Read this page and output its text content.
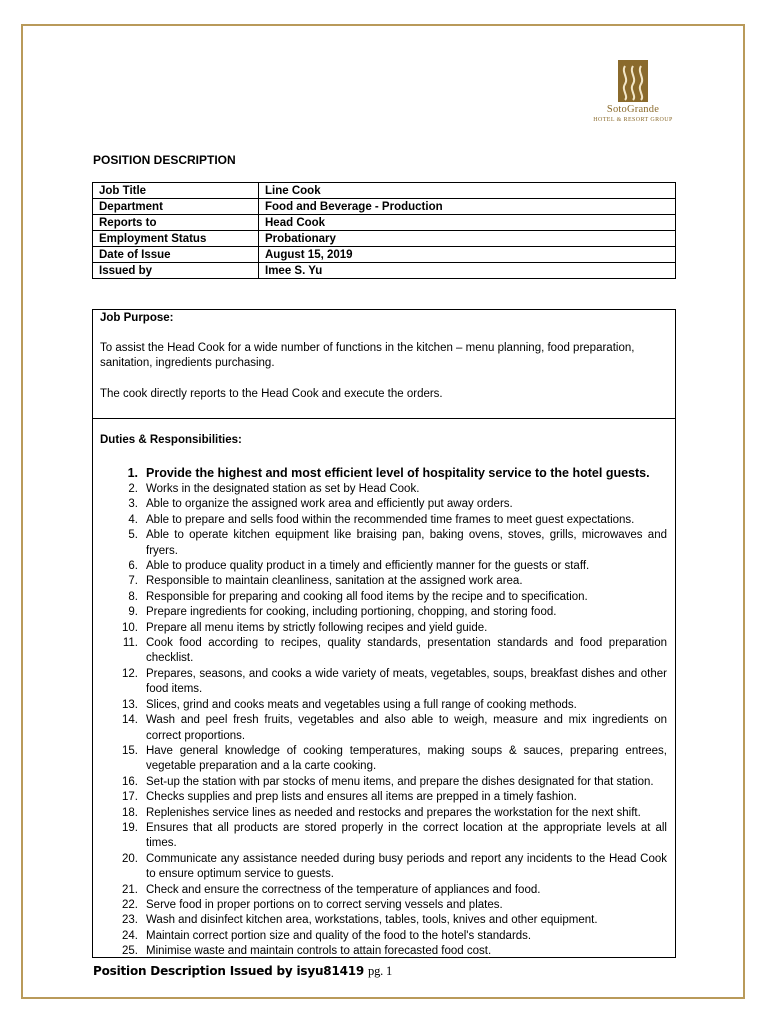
SotoGrande
HOTEL & RESORT GROUP
POSITION DESCRIPTION
Job Title	Line Cook
Department	Food and Beverage - Production
Reports to	Head Cook
Employment Status	Probationary
Date of Issue	August 15, 2019
Issued by	Imee S. Yu
Job Purpose:
To assist the Head Cook for a wide number of functions in the kitchen – menu planning, food preparation, sanitation, ingredients purchasing.
The cook directly reports to the Head Cook and execute the orders.
Duties & Responsibilities:
1. Provide the highest and most efficient level of hospitality service to the hotel guests.
2. Works in the designated station as set by Head Cook.
3. Able to organize the assigned work area and efficiently put away orders.
4. Able to prepare and sells food within the recommended time frames to meet guest expectations.
5. Able to operate kitchen equipment like braising pan, baking ovens, stoves, grills, microwaves and fryers.
6. Able to produce quality product in a timely and efficiently manner for the guests or staff.
7. Responsible to maintain cleanliness, sanitation at the assigned work area.
8. Responsible for preparing and cooking all food items by the recipe and to specification.
9. Prepare ingredients for cooking, including portioning, chopping, and storing food.
10. Prepare all menu items by strictly following recipes and yield guide.
11. Cook food according to recipes, quality standards, presentation standards and food preparation checklist.
12. Prepares, seasons, and cooks a wide variety of meats, vegetables, soups, breakfast dishes and other food items.
13. Slices, grind and cooks meats and vegetables using a full range of cooking methods.
14. Wash and peel fresh fruits, vegetables and also able to weigh, measure and mix ingredients on correct proportions.
15. Have general knowledge of cooking temperatures, making soups & sauces, preparing entrees, vegetable preparation and a la carte cooking.
16. Set-up the station with par stocks of menu items, and prepare the dishes designated for that station.
17. Checks supplies and prep lists and ensures all items are prepped in a timely fashion.
18. Replenishes service lines as needed and restocks and prepares the workstation for the next shift.
19. Ensures that all products are stored properly in the correct location at the appropriate levels at all times.
20. Communicate any assistance needed during busy periods and report any incidents to the Head Cook to ensure optimum service to guests.
21. Check and ensure the correctness of the temperature of appliances and food.
22. Serve food in proper portions on to correct serving vessels and plates.
23. Wash and disinfect kitchen area, workstations, tables, tools, knives and other equipment.
24. Maintain correct portion size and quality of the food to the hotel's standards.
25. Minimise waste and maintain controls to attain forecasted food cost.
Position Description Issued by isyu81419 pg. 1
